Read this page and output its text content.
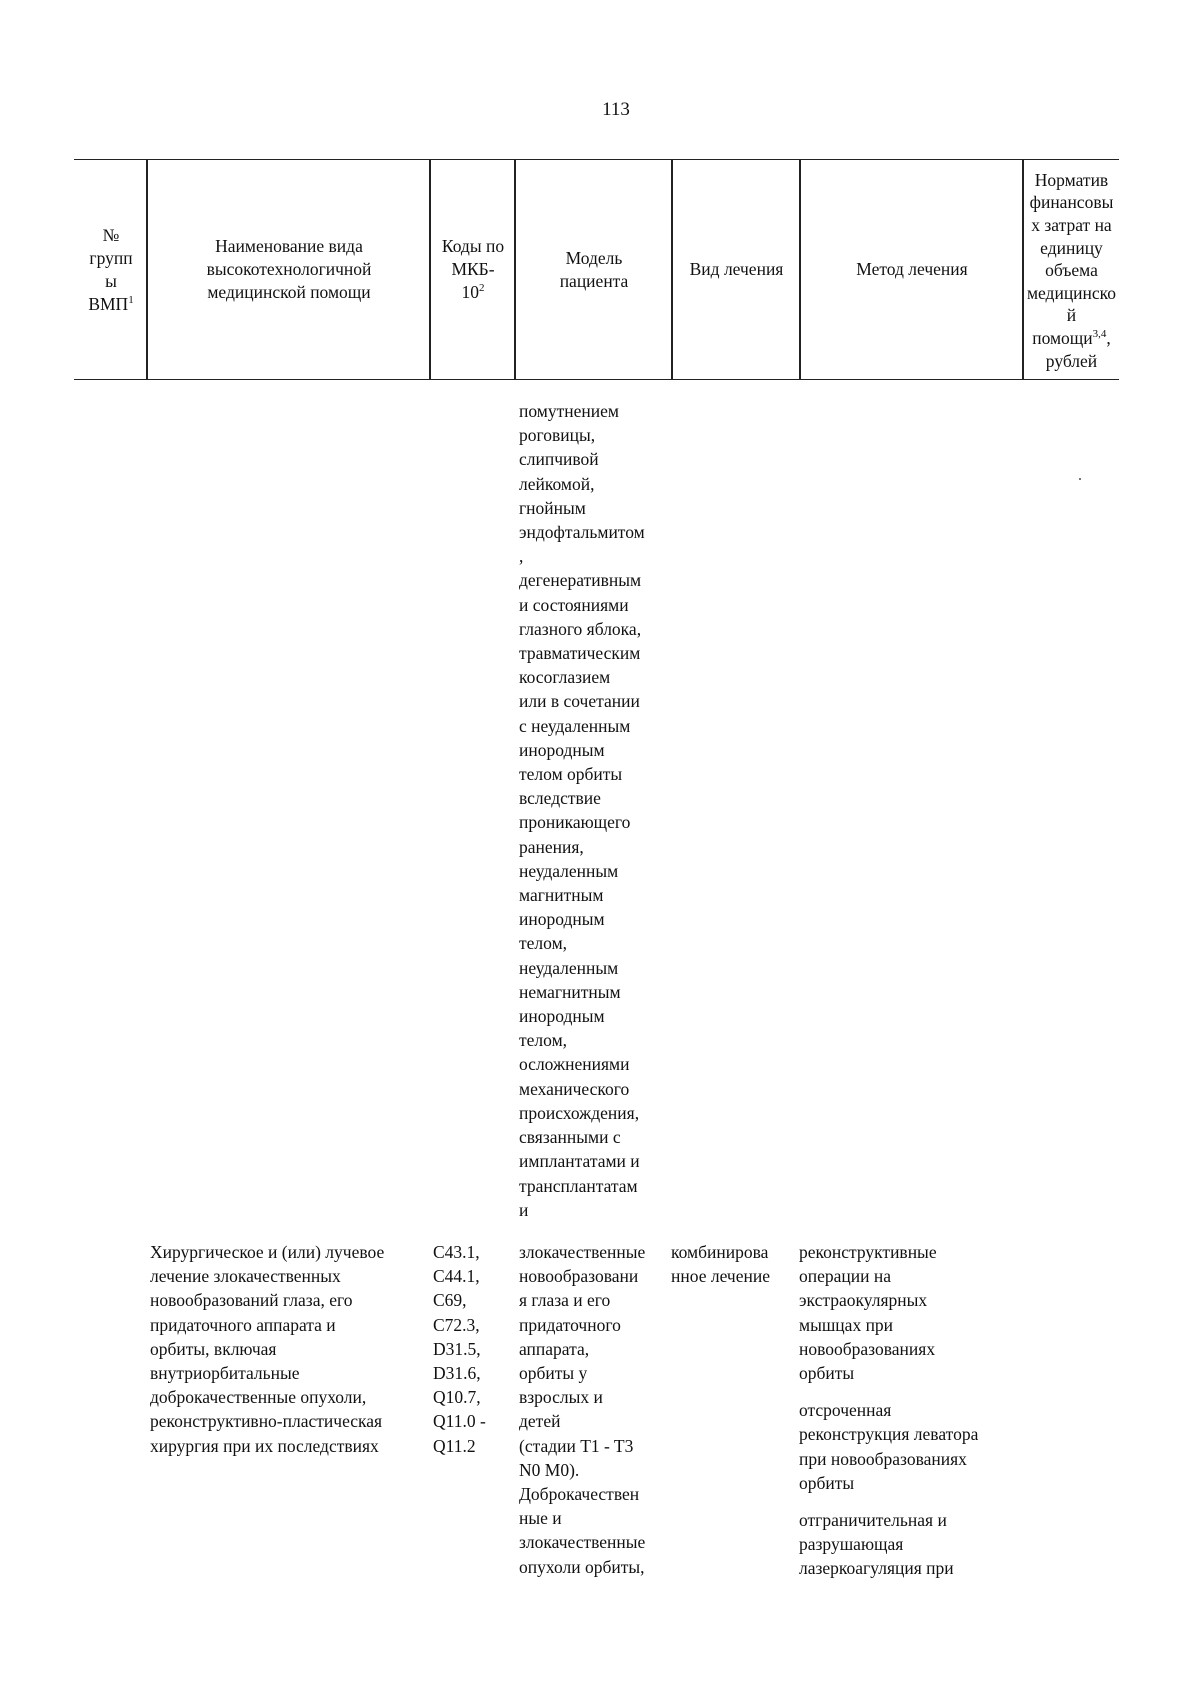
113
№
групп
ы
ВМП$^1$
Наименование вида
высокотехнологичной
медицинской помощи
Коды по
МКБ-
$10^2$
Модель
пациента
Вид лечения	Метод лечения
Норматив
финансовы
х затрат на
единицу
объема
медицинско
й
помощи$^{3,4}$,
рублей
помутнением
роговицы,
слипчивой
лейкомой,
гнойным
эндофтальмитом
,
дегенеративным
и состояниями
глазного яблока,
травматическим
косоглазием
или в сочетании
с неудаленным
инородным
телом орбиты
вследствие
проникающего
ранения,
неудаленным
магнитным
инородным
телом,
неудаленным
немагнитным
инородным
телом,
осложнениями
механического
происхождения,
связанными с
имплантатами и
трансплантатам
и
Хирургическое и (или) лучевое
лечение злокачественных
новообразований глаза, его
придаточного аппарата и
орбиты, включая
внутриорбитальные
доброкачественные опухоли,
реконструктивно-пластическая
хирургия при их последствиях
C43.1,
C44.1,
C69,
C72.3,
D31.5,
D31.6,
Q10.7,
Q11.0 -
Q11.2
злокачественные
новообразовани
я глаза и его
придаточного
аппарата,
орбиты у
взрослых и
детей
(стадии T1 - T3
N0 M0).
Доброкачествен
ные и
злокачественные
опухоли орбиты,
комбинирова
нное лечение
реконструктивные
операции на
экстраокулярных
мышцах при
новообразованиях
орбиты
отсроченная
реконструкция леватора
при новообразованиях
орбиты
отграничительная и
разрушающая
лазеркоагуляция при
